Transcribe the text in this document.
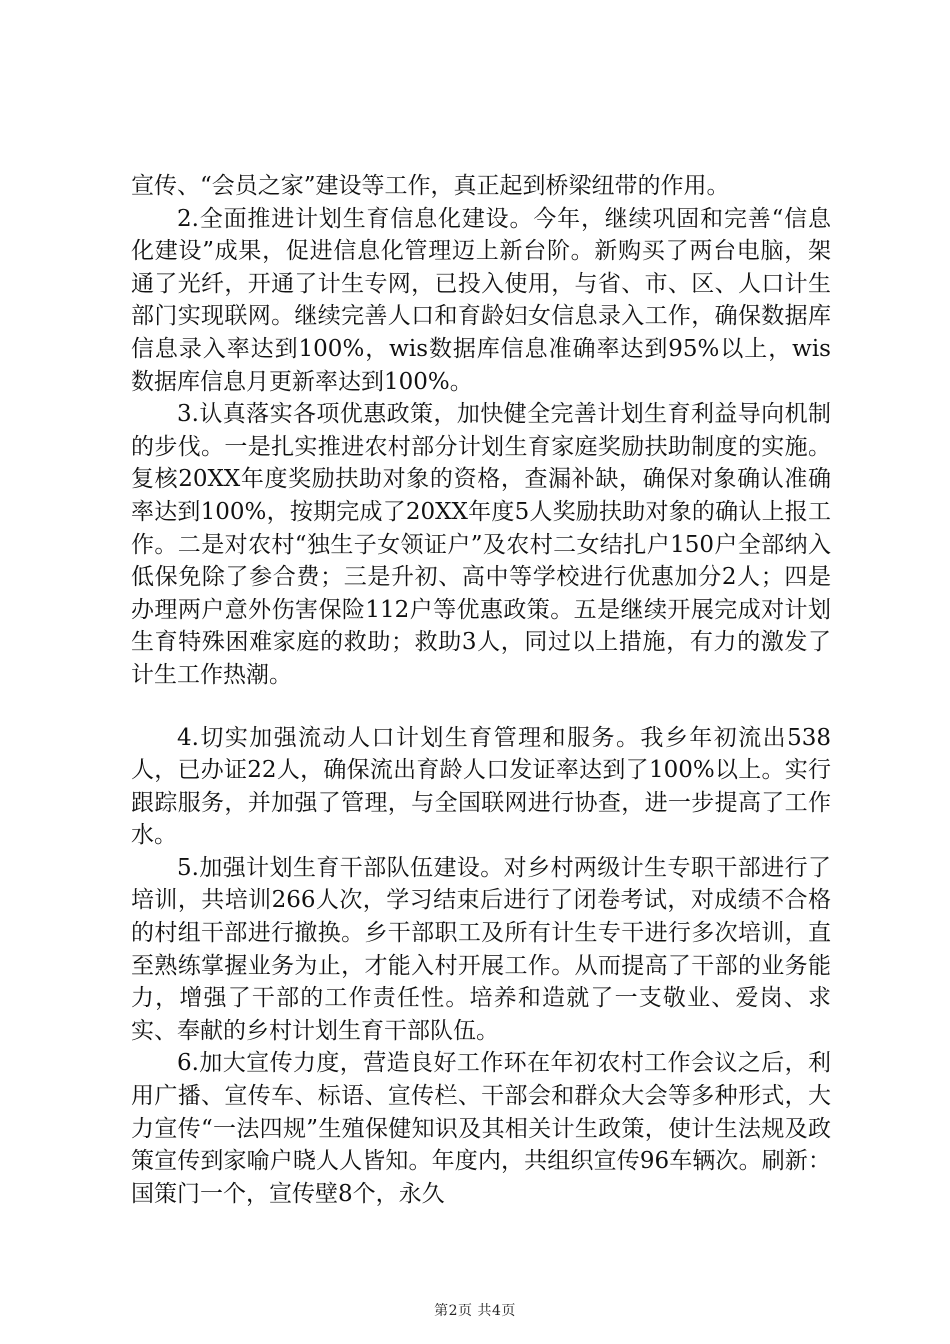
宣传、“会员之家”建设等工作，真正起到桥梁纽带的作用。

2.全面推进计划生育信息化建设。今年，继续巩固和完善“信息化建设”成果，促进信息化管理迈上新台阶。新购买了两台电脑，架通了光纤，开通了计生专网，已投入使用，与省、市、区、人口计生部门实现联网。继续完善人口和育龄妇女信息录入工作，确保数据库信息录入率达到100%，wis数据库信息准确率达到95%以上，wis数据库信息月更新率达到100%。

3.认真落实各项优惠政策，加快健全完善计划生育利益导向机制的步伐。一是扎实推进农村部分计划生育家庭奖励扶助制度的实施。复核20XX年度奖励扶助对象的资格，查漏补缺，确保对象确认准确率达到100%，按期完成了20XX年度5人奖励扶助对象的确认上报工作。二是对农村“独生子女领证户”及农村二女结扎户150户全部纳入低保免除了参合费；三是升初、高中等学校进行优惠加分2人；四是办理两户意外伤害保险112户等优惠政策。五是继续开展完成对计划生育特殊困难家庭的救助；救助3人，同过以上措施，有力的激发了计生工作热潮。

4.切实加强流动人口计划生育管理和服务。我乡年初流出538人，已办证22人，确保流出育龄人口发证率达到了100%以上。实行跟踪服务，并加强了管理，与全国联网进行协查，进一步提高了工作水。

5.加强计划生育干部队伍建设。对乡村两级计生专职干部进行了培训，共培训266人次，学习结束后进行了闭卷考试，对成绩不合格的村组干部进行撤换。乡干部职工及所有计生专干进行多次培训，直至熟练掌握业务为止，才能入村开展工作。从而提高了干部的业务能力，增强了干部的工作责任性。培养和造就了一支敬业、爱岗、求实、奉献的乡村计划生育干部队伍。

6.加大宣传力度，营造良好工作环在年初农村工作会议之后，利用广播、宣传车、标语、宣传栏、干部会和群众大会等多种形式，大力宣传“一法四规”生殖保健知识及其相关计生政策，使计生法规及政策宣传到家喻户晓人人皆知。年度内，共组织宣传96车辆次。刷新：国策门一个，宣传壁8个，永久

第2页 共4页
